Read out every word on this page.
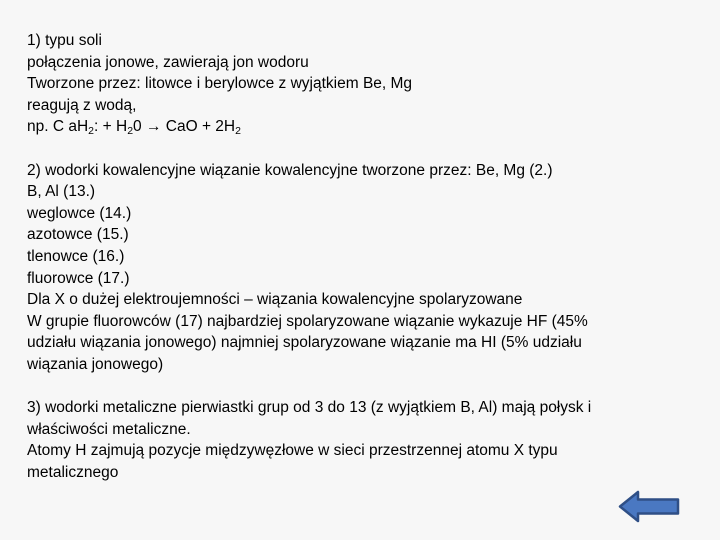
1) typu soli
połączenia jonowe, zawierają jon wodoru
Tworzone przez: litowce i berylowce z wyjątkiem Be, Mg
reagują z wodą,
np. C $aH_2$: + $H_20$ → CaO + $2H_2$
2) wodorki kowalencyjne wiązanie kowalencyjne tworzone przez: Be, Mg (2.)
B, Al (13.)
weglowce (14.)
azotowce (15.)
tlenowce (16.)
fluorowce (17.)
Dla X o dużej elektroujemności – wiązania kowalencyjne spolaryzowane
W grupie fluorowców (17) najbardziej spolaryzowane wiązanie wykazuje HF (45%
udziału wiązania jonowego) najmniej spolaryzowane wiązanie ma HI (5% udziału
wiązania jonowego)
3) wodorki metaliczne pierwiastki grup od 3 do 13 (z wyjątkiem B, Al) mają połysk i
właściwości metaliczne.
Atomy H zajmują pozycje międzywęzłowe w sieci przestrzennej atomu X typu
metalicznego
